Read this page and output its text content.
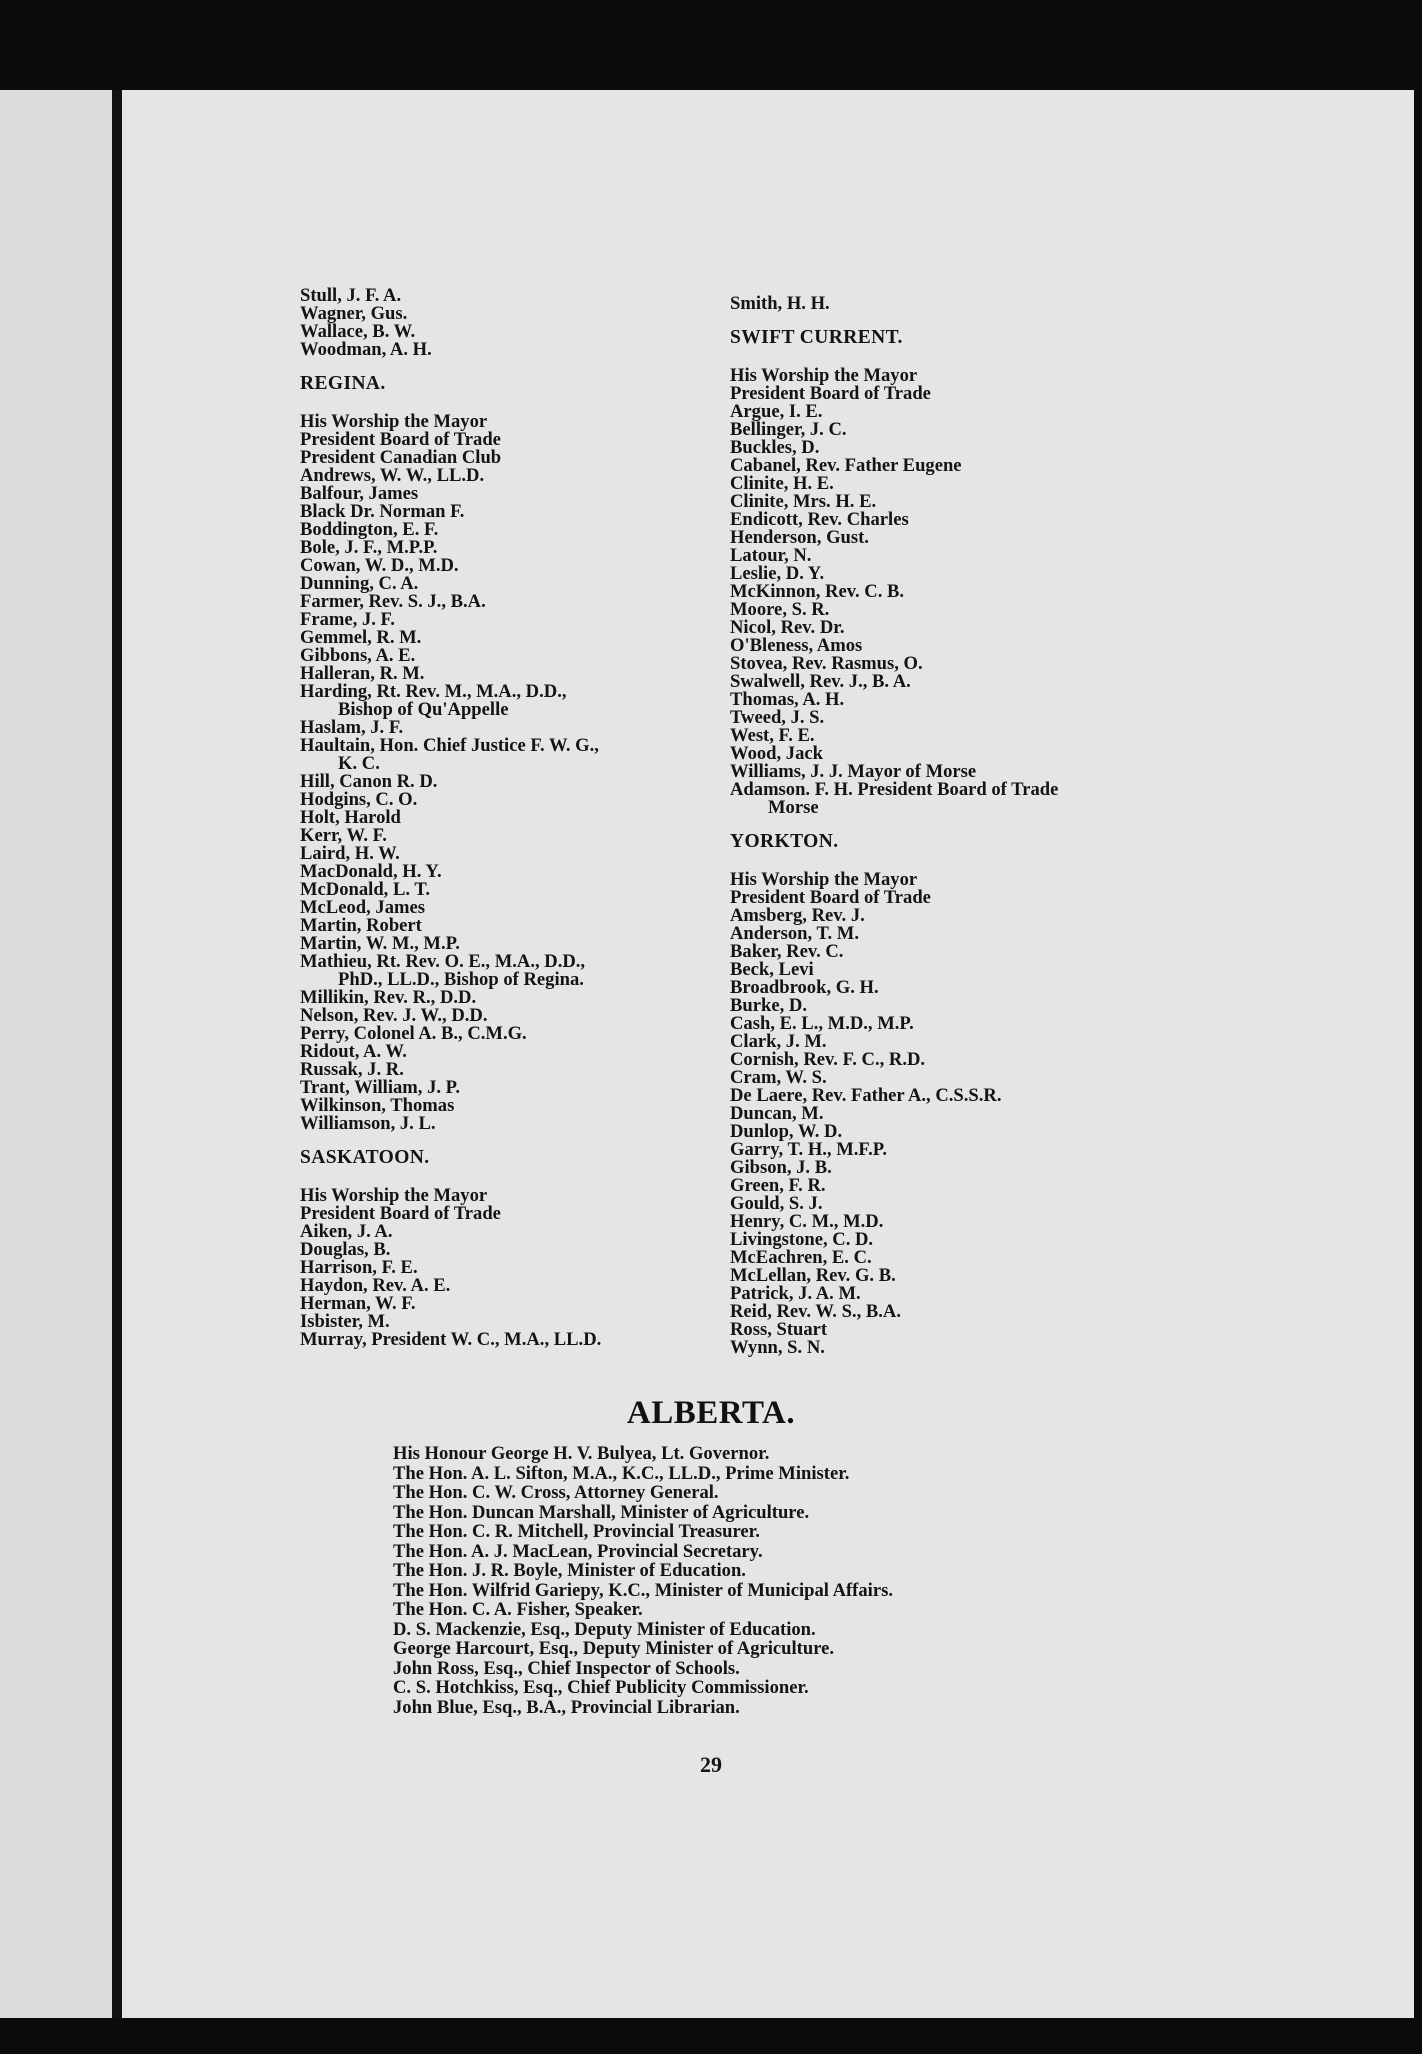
Stull, J. F. A.
Wagner, Gus.
Wallace, B. W.
Woodman, A. H.
REGINA.
His Worship the Mayor
President Board of Trade
President Canadian Club
Andrews, W. W., LL.D.
Balfour, James
Black Dr. Norman F.
Boddington, E. F.
Bole, J. F., M.P.P.
Cowan, W. D., M.D.
Dunning, C. A.
Farmer, Rev. S. J., B.A.
Frame, J. F.
Gemmel, R. M.
Gibbons, A. E.
Halleran, R. M.
Harding, Rt. Rev. M., M.A., D.D.,
Bishop of Qu'Appelle
Haslam, J. F.
Haultain, Hon. Chief Justice F. W. G.,
K. C.
Hill, Canon R. D.
Hodgins, C. O.
Holt, Harold
Kerr, W. F.
Laird, H. W.
MacDonald, H. Y.
McDonald, L. T.
McLeod, James
Martin, Robert
Martin, W. M., M.P.
Mathieu, Rt. Rev. O. E., M.A., D.D.,
PhD., LL.D., Bishop of Regina.
Millikin, Rev. R., D.D.
Nelson, Rev. J. W., D.D.
Perry, Colonel A. B., C.M.G.
Ridout, A. W.
Russak, J. R.
Trant, William, J. P.
Wilkinson, Thomas
Williamson, J. L.
SASKATOON.
His Worship the Mayor
President Board of Trade
Aiken, J. A.
Douglas, B.
Harrison, F. E.
Haydon, Rev. A. E.
Herman, W. F.
Isbister, M.
Murray, President W. C., M.A., LL.D.
Smith, H. H.
SWIFT CURRENT.
His Worship the Mayor
President Board of Trade
Argue, I. E.
Bellinger, J. C.
Buckles, D.
Cabanel, Rev. Father Eugene
Clinite, H. E.
Clinite, Mrs. H. E.
Endicott, Rev. Charles
Henderson, Gust.
Latour, N.
Leslie, D. Y.
McKinnon, Rev. C. B.
Moore, S. R.
Nicol, Rev. Dr.
O'Bleness, Amos
Stovea, Rev. Rasmus, O.
Swalwell, Rev. J., B. A.
Thomas, A. H.
Tweed, J. S.
West, F. E.
Wood, Jack
Williams, J. J. Mayor of Morse
Adamson. F. H. President Board of Trade
Morse
YORKTON.
His Worship the Mayor
President Board of Trade
Amsberg, Rev. J.
Anderson, T. M.
Baker, Rev. C.
Beck, Levi
Broadbrook, G. H.
Burke, D.
Cash, E. L., M.D., M.P.
Clark, J. M.
Cornish, Rev. F. C., R.D.
Cram, W. S.
De Laere, Rev. Father A., C.S.S.R.
Duncan, M.
Dunlop, W. D.
Garry, T. H., M.F.P.
Gibson, J. B.
Green, F. R.
Gould, S. J.
Henry, C. M., M.D.
Livingstone, C. D.
McEachren, E. C.
McLellan, Rev. G. B.
Patrick, J. A. M.
Reid, Rev. W. S., B.A.
Ross, Stuart
Wynn, S. N.
ALBERTA.
His Honour George H. V. Bulyea, Lt. Governor.
The Hon. A. L. Sifton, M.A., K.C., LL.D., Prime Minister.
The Hon. C. W. Cross, Attorney General.
The Hon. Duncan Marshall, Minister of Agriculture.
The Hon. C. R. Mitchell, Provincial Treasurer.
The Hon. A. J. MacLean, Provincial Secretary.
The Hon. J. R. Boyle, Minister of Education.
The Hon. Wilfrid Gariepy, K.C., Minister of Municipal Affairs.
The Hon. C. A. Fisher, Speaker.
D. S. Mackenzie, Esq., Deputy Minister of Education.
George Harcourt, Esq., Deputy Minister of Agriculture.
John Ross, Esq., Chief Inspector of Schools.
C. S. Hotchkiss, Esq., Chief Publicity Commissioner.
John Blue, Esq., B.A., Provincial Librarian.
29
